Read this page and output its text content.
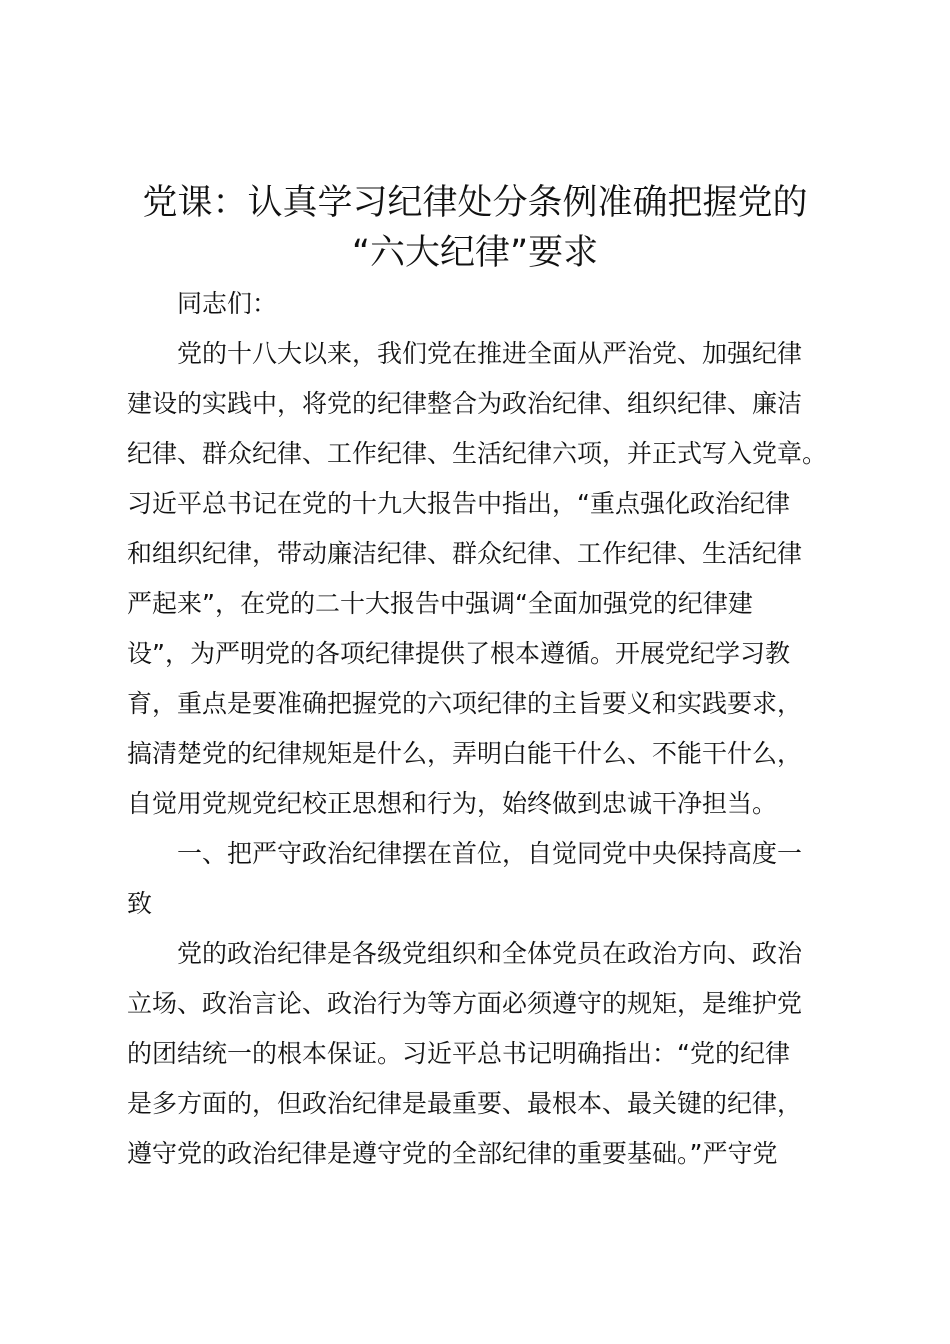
党课：认真学习纪律处分条例准确把握党的
“六大纪律”要求
同志们：
党的十八大以来，我们党在推进全面从严治党、加强纪律
建设的实践中，将党的纪律整合为政治纪律、组织纪律、廉洁
纪律、群众纪律、工作纪律、生活纪律六项，并正式写入党章。
习近平总书记在党的十九大报告中指出，“重点强化政治纪律
和组织纪律，带动廉洁纪律、群众纪律、工作纪律、生活纪律
严起来”，在党的二十大报告中强调“全面加强党的纪律建
设”，为严明党的各项纪律提供了根本遵循。开展党纪学习教
育，重点是要准确把握党的六项纪律的主旨要义和实践要求，
搞清楚党的纪律规矩是什么，弄明白能干什么、不能干什么，
自觉用党规党纪校正思想和行为，始终做到忠诚干净担当。
一、把严守政治纪律摆在首位，自觉同党中央保持高度一
致
党的政治纪律是各级党组织和全体党员在政治方向、政治
立场、政治言论、政治行为等方面必须遵守的规矩，是维护党
的团结统一的根本保证。习近平总书记明确指出：“党的纪律
是多方面的，但政治纪律是最重要、最根本、最关键的纪律，
遵守党的政治纪律是遵守党的全部纪律的重要基础。”严守党
